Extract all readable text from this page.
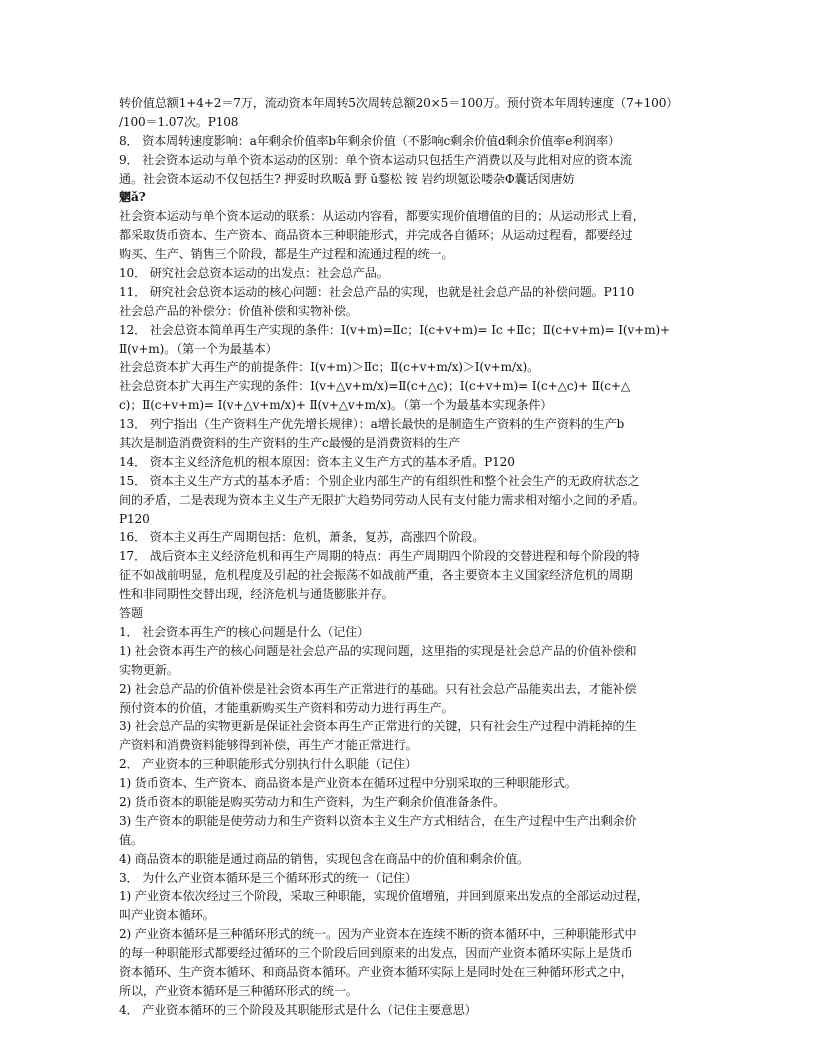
转价值总额1+4+2＝7万，流动资本年周转5次周转总额20×5＝100万。预付资本年周转速度（7+100）
/100＝1.07次。P108
8． 资本周转速度影响：a年剩余价值率b年剩余价值（不影响c剩余价值d剩余价值率e利润率）
9． 社会资本运动与单个资本运动的区别：单个资本运动只包括生产消费以及与此相对应的资本流
通。社会资本运动不仅包括生? 押妥时玖畈ǎ 野 ǔ鍪松 铵 岩约坝氪讼喽杂Φ囊话闵唐妨
魍ǎ?
社会资本运动与单个资本运动的联系：从运动内容看，都要实现价值增值的目的；从运动形式上看，
都采取货币资本、生产资本、商品资本三种职能形式，并完成各自循环；从运动过程看，都要经过
购买、生产、销售三个阶段，都是生产过程和流通过程的统一。
10． 研究社会总资本运动的出发点：社会总产品。
11． 研究社会总资本运动的核心问题：社会总产品的实现，也就是社会总产品的补偿问题。P110
社会总产品的补偿分：价值补偿和实物补偿。
12． 社会总资本简单再生产实现的条件：Ⅰ(v+m)=Ⅱc；Ⅰ(c+v+m)= Ⅰc +Ⅱc；Ⅱ(c+v+m)= Ⅰ(v+m)+
Ⅱ(v+m)。（第一个为最基本）
社会总资本扩大再生产的前提条件：Ⅰ(v+m)＞Ⅱc；Ⅱ(c+v+m/x)＞Ⅰ(v+m/x)。
社会总资本扩大再生产实现的条件：Ⅰ(v+△v+m/x)=Ⅱ(c+△c)；Ⅰ(c+v+m)= Ⅰ(c+△c)+ Ⅱ(c+△
c)；Ⅱ(c+v+m)= Ⅰ(v+△v+m/x)+ Ⅱ(v+△v+m/x)。（第一个为最基本实现条件）
13． 列宁指出（生产资料生产优先增长规律）：a增长最快的是制造生产资料的生产资料的生产b
其次是制造消费资料的生产资料的生产c最慢的是消费资料的生产
14． 资本主义经济危机的根本原因：资本主义生产方式的基本矛盾。P120
15． 资本主义生产方式的基本矛盾：个别企业内部生产的有组织性和整个社会生产的无政府状态之
间的矛盾，二是表现为资本主义生产无限扩大趋势同劳动人民有支付能力需求相对缩小之间的矛盾。
P120
16． 资本主义再生产周期包括：危机，萧条，复苏，高涨四个阶段。
17． 战后资本主义经济危机和再生产周期的特点：再生产周期四个阶段的交替进程和每个阶段的特
征不如战前明显，危机程度及引起的社会振荡不如战前严重，各主要资本主义国家经济危机的周期
性和非同期性交替出现，经济危机与通货膨胀并存。
答题
1． 社会资本再生产的核心问题是什么（记住）
1) 社会资本再生产的核心问题是社会总产品的实现问题，这里指的实现是社会总产品的价值补偿和
实物更新。
2) 社会总产品的价值补偿是社会资本再生产正常进行的基础。只有社会总产品能卖出去，才能补偿
预付资本的价值，才能重新购买生产资料和劳动力进行再生产。
3) 社会总产品的实物更新是保证社会资本再生产正常进行的关键，只有社会生产过程中消耗掉的生
产资料和消费资料能够得到补偿，再生产才能正常进行。
2． 产业资本的三种职能形式分别执行什么职能（记住）
1) 货币资本、生产资本、商品资本是产业资本在循环过程中分别采取的三种职能形式。
2) 货币资本的职能是购买劳动力和生产资料，为生产剩余价值准备条件。
3) 生产资本的职能是使劳动力和生产资料以资本主义生产方式相结合，在生产过程中生产出剩余价
值。
4) 商品资本的职能是通过商品的销售，实现包含在商品中的价值和剩余价值。
3． 为什么产业资本循环是三个循环形式的统一（记住）
1) 产业资本依次经过三个阶段，采取三种职能，实现价值增殖，并回到原来出发点的全部运动过程，
叫产业资本循环。
2) 产业资本循环是三种循环形式的统一。因为产业资本在连续不断的资本循环中，三种职能形式中
的每一种职能形式都要经过循环的三个阶段后回到原来的出发点，因而产业资本循环实际上是货币
资本循环、生产资本循环、和商品资本循环。产业资本循环实际上是同时处在三种循环形式之中，
所以，产业资本循环是三种循环形式的统一。
4． 产业资本循环的三个阶段及其职能形式是什么（记住主要意思）
